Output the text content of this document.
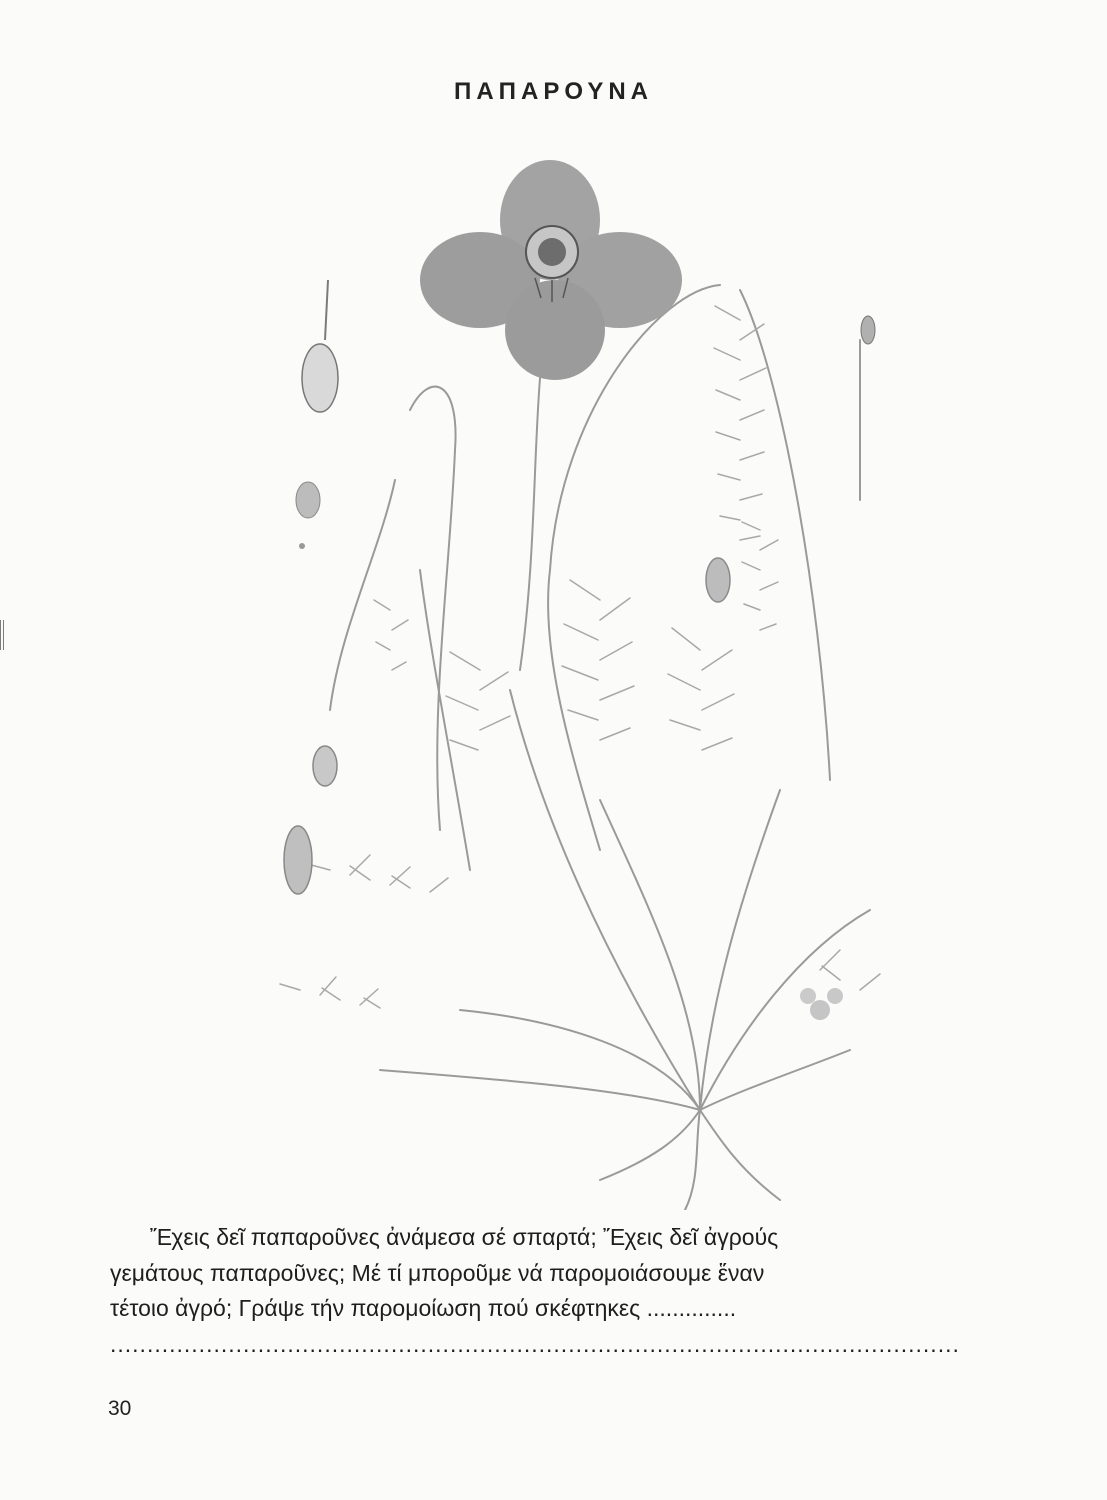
ΠΑΠΑΡΟΥΝΑ
Ἔχεις δεῖ παπαροῦνες ἀνάμεσα σέ σπαρτά; Ἔχεις δεῖ ἀγρούς
γεμάτους παπαροῦνες; Μέ τί μποροῦμε νά παρομοιάσουμε ἕναν
τέτοιο ἀγρό; Γράψε τήν παρομοίωση πού σκέφτηκες ..............
...................................................................................................................
30
